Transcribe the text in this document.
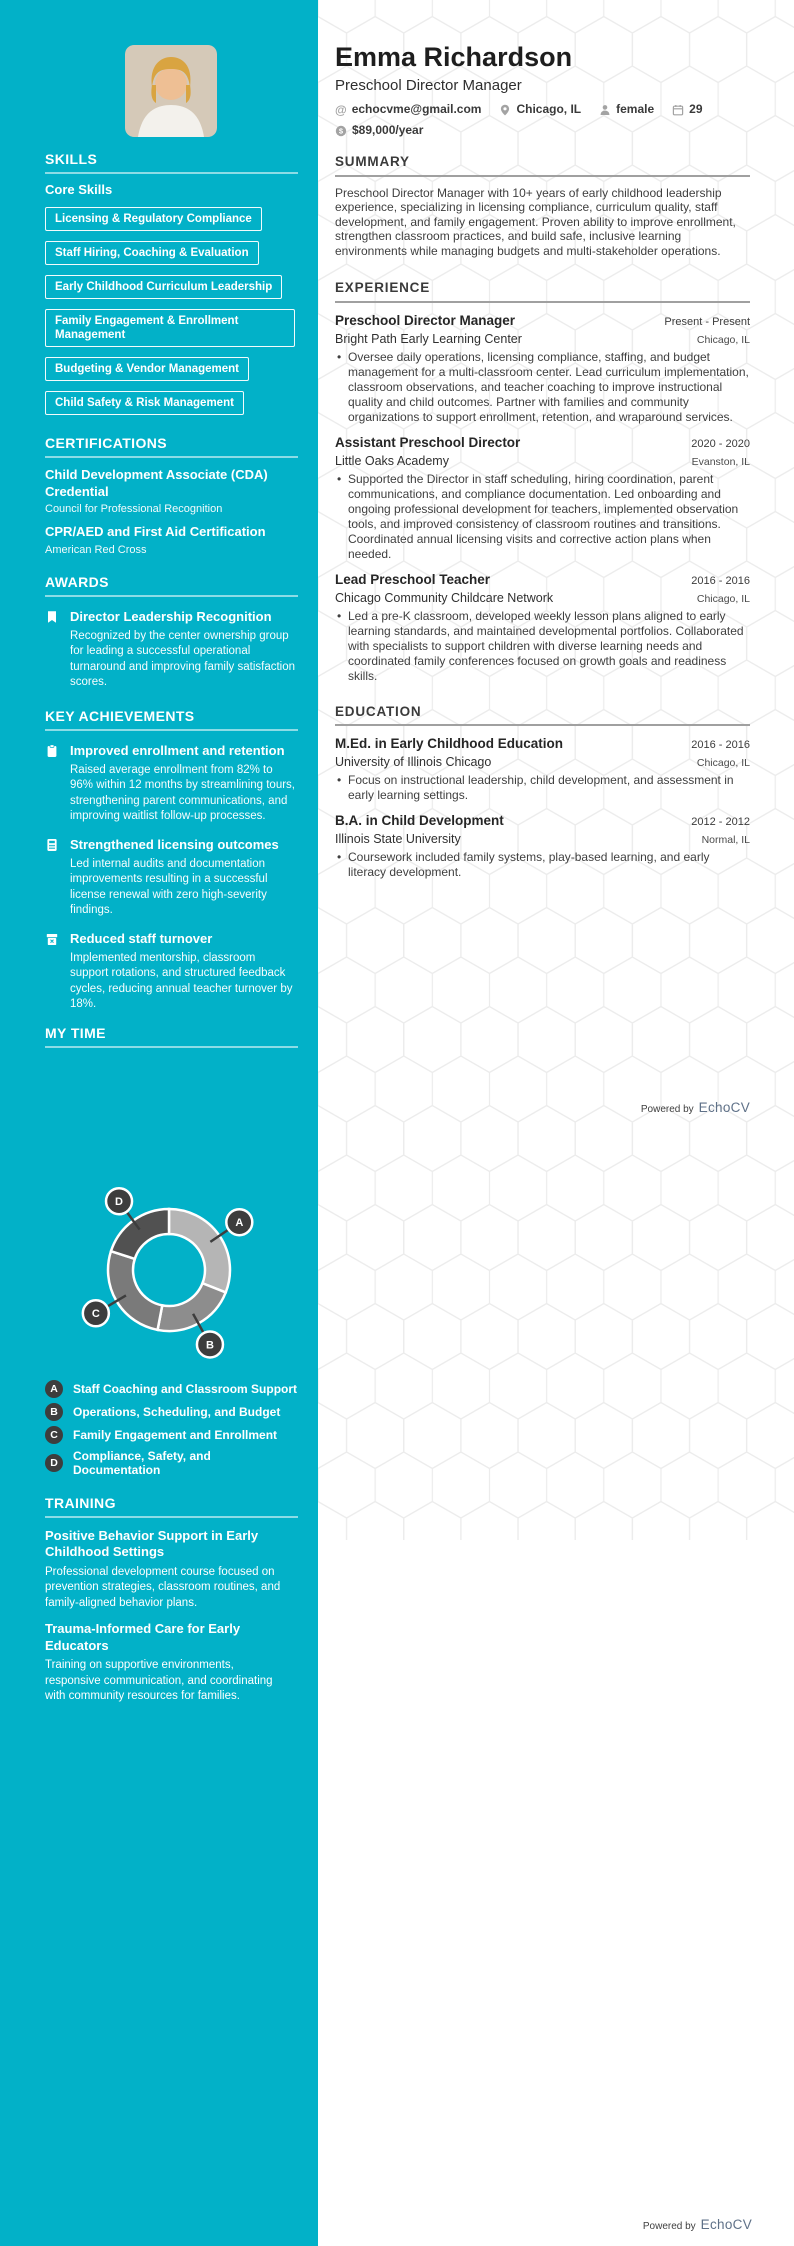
SKILLS
Core Skills
Licensing & Regulatory Compliance
Staff Hiring, Coaching & Evaluation
Early Childhood Curriculum Leadership
Family Engagement & Enrollment Management
Budgeting & Vendor Management
Child Safety & Risk Management
CERTIFICATIONS
Child Development Associate (CDA) Credential
Council for Professional Recognition
CPR/AED and First Aid Certification
American Red Cross
AWARDS
Director Leadership Recognition
Recognized by the center ownership group for leading a successful operational turnaround and improving family satisfaction scores.
KEY ACHIEVEMENTS
Improved enrollment and retention
Raised average enrollment from 82% to 96% within 12 months by streamlining tours, strengthening parent communications, and improving waitlist follow-up processes.
Strengthened licensing outcomes
Led internal audits and documentation improvements resulting in a successful license renewal with zero high-severity findings.
Reduced staff turnover
Implemented mentorship, classroom support rotations, and structured feedback cycles, reducing annual teacher turnover by 18%.
MY TIME
A
B
C
D
A	Staff Coaching and Classroom Support
B	Operations, Scheduling, and Budget
C	Family Engagement and Enrollment
D	Compliance, Safety, and Documentation
TRAINING
Positive Behavior Support in Early Childhood Settings
Professional development course focused on prevention strategies, classroom routines, and family-aligned behavior plans.
Trauma-Informed Care for Early Educators
Training on supportive environments, responsive communication, and coordinating with community resources for families.
Emma Richardson
Preschool Director Manager
@ echocvme@gmail.com	Chicago, IL	female	29
$ $89,000/year
SUMMARY

Preschool Director Manager with 10+ years of early childhood leadership experience, specializing in licensing compliance, curriculum quality, staff development, and family engagement. Proven ability to improve enrollment, strengthen classroom practices, and build safe, inclusive learning environments while managing budgets and multi-stakeholder operations.

EXPERIENCE
Preschool Director Manager	Present - Present
Bright Path Early Learning Center	Chicago, IL
• Oversee daily operations, licensing compliance, staffing, and budget management for a multi-classroom center. Lead curriculum implementation, classroom observations, and teacher coaching to improve instructional quality and child outcomes. Partner with families and community organizations to support enrollment, retention, and wraparound services.
Assistant Preschool Director	2020 - 2020
Little Oaks Academy	Evanston, IL
• Supported the Director in staff scheduling, hiring coordination, parent communications, and compliance documentation. Led onboarding and ongoing professional development for teachers, implemented observation tools, and improved consistency of classroom routines and transitions. Coordinated annual licensing visits and corrective action plans when needed.
Lead Preschool Teacher	2016 - 2016
Chicago Community Childcare Network	Chicago, IL
• Led a pre-K classroom, developed weekly lesson plans aligned to early learning standards, and maintained developmental portfolios. Collaborated with specialists to support children with diverse learning needs and coordinated family conferences focused on growth goals and readiness skills.
EDUCATION
M.Ed. in Early Childhood Education	2016 - 2016
University of Illinois Chicago	Chicago, IL
• Focus on instructional leadership, child development, and assessment in early learning settings.
B.A. in Child Development	2012 - 2012
Illinois State University	Normal, IL
• Coursework included family systems, play-based learning, and early literacy development.
Powered by EchoCV
Powered by EchoCV
